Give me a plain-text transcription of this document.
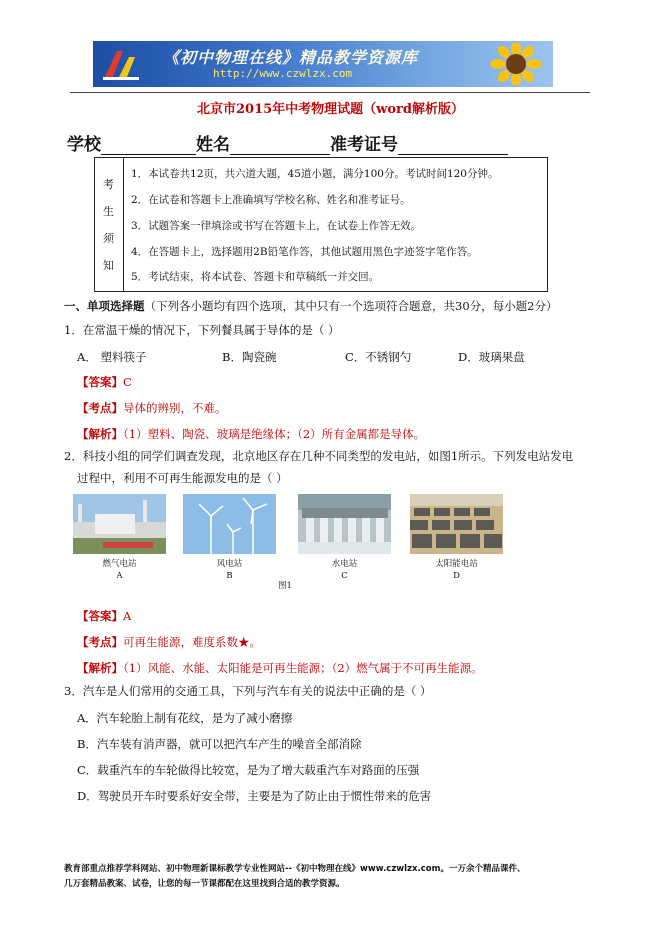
《初中物理在线》精品教学资源库
http://www.czwlzx.com
北京市2015年中考物理试题（word解析版）
学校	姓名	准考证号
考
生
须
知
1．本试卷共12页，共六道大题，45道小题，满分100分。考试时间120分钟。
2．在试卷和答题卡上准确填写学校名称、姓名和准考证号。
3．试题答案一律填涂或书写在答题卡上，在试卷上作答无效。
4．在答题卡上，选择题用2B铅笔作答，其他试题用黑色字迹签字笔作答。
5．考试结束，将本试卷、答题卡和草稿纸一并交回。
一、单项选择题（下列各小题均有四个选项，其中只有一个选项符合题意，共30分，每小题2分）
1．在常温干燥的情况下，下列餐具属于导体的是（ ）
A． 塑料筷子	B．陶瓷碗	C．不锈钢勺	D．玻璃果盘
【答案】C
【考点】导体的辨别，不难。
【解析】（1）塑料、陶瓷、玻璃是绝缘体；（2）所有金属都是导体。
2．科技小组的同学们调查发现，北京地区存在几种不同类型的发电站，如图1所示。下列发电站发电
过程中，利用不可再生能源发电的是（ ）
燃气电站
A
风电站
B
水电站
C
太阳能电站
D
图1
【答案】A
【考点】可再生能源，难度系数★。
【解析】（1）风能、水能、太阳能是可再生能源；（2）燃气属于不可再生能源。
3．汽车是人们常用的交通工具，下列与汽车有关的说法中正确的是（ ）
A．汽车轮胎上制有花纹，是为了减小磨擦
B．汽车装有消声器，就可以把汽车产生的噪音全部消除
C．载重汽车的车轮做得比较宽，是为了增大载重汽车对路面的压强
D．驾驶员开车时要系好安全带，主要是为了防止由于惯性带来的危害
教育部重点推荐学科网站、初中物理新课标教学专业性网站--《初中物理在线》www.czwlzx.com。一万余个精品课件、
几万套精品教案、试卷，让您的每一节课都配在这里找到合适的教学资源。
